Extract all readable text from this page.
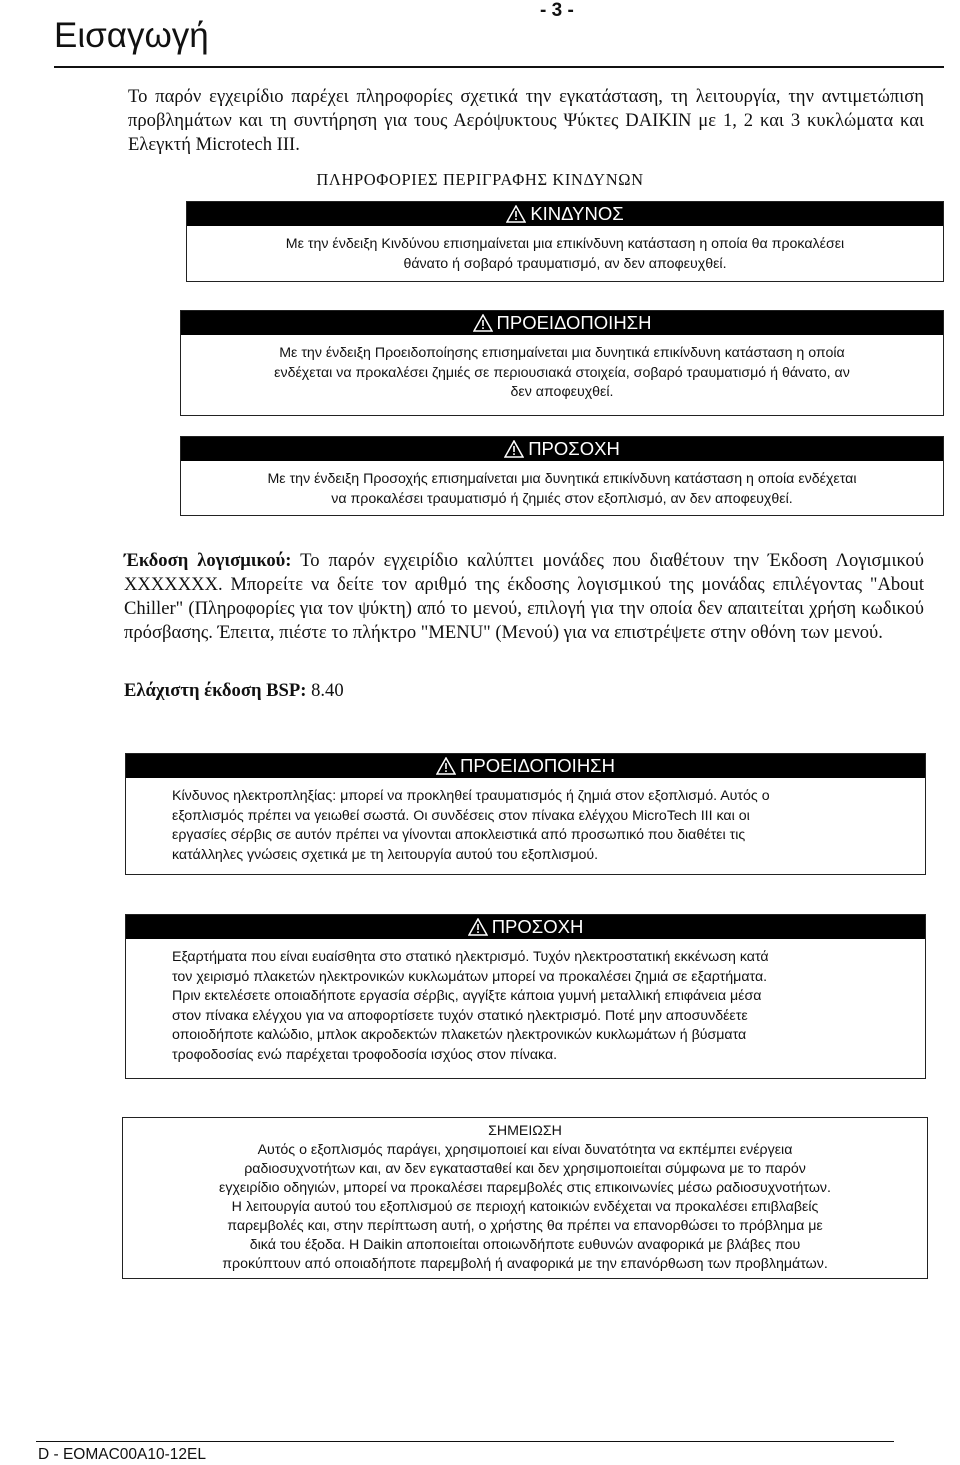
- 3 -
Εισαγωγή
Το παρόν εγχειρίδιο παρέχει πληροφορίες σχετικά την εγκατάσταση, τη λειτουργία, την αντιμετώπιση προβλημάτων και τη συντήρηση για τους Αερόψυκτους Ψύκτες DAIKIN με 1, 2 και 3 κυκλώματα και Ελεγκτή Microtech III.
ΠΛΗΡΟΦΟΡΙΕΣ ΠΕΡΙΓΡΑΦΗΣ ΚΙΝΔΥΝΩΝ
ΚΙΝΔΥΝΟΣ
Με την ένδειξη Κινδύνου επισημαίνεται μια επικίνδυνη κατάσταση η οποία θα προκαλέσει
θάνατο ή σοβαρό τραυματισμό, αν δεν αποφευχθεί.
ΠΡΟΕΙΔΟΠΟΙΗΣΗ
Με την ένδειξη Προειδοποίησης επισημαίνεται μια δυνητικά επικίνδυνη κατάσταση η οποία
ενδέχεται να προκαλέσει ζημιές σε περιουσιακά στοιχεία, σοβαρό τραυματισμό ή θάνατο, αν
δεν αποφευχθεί.
ΠΡΟΣΟΧΗ
Με την ένδειξη Προσοχής επισημαίνεται μια δυνητικά επικίνδυνη κατάσταση η οποία ενδέχεται
να προκαλέσει τραυματισμό ή ζημιές στον εξοπλισμό, αν δεν αποφευχθεί.
Έκδοση λογισμικού: Το παρόν εγχειρίδιο καλύπτει μονάδες που διαθέτουν την Έκδοση Λογισμικού XXXXXXX. Μπορείτε να δείτε τον αριθμό της έκδοσης λογισμικού της μονάδας επιλέγοντας "About Chiller" (Πληροφορίες για τον ψύκτη) από το μενού, επιλογή για την οποία δεν απαιτείται χρήση κωδικού πρόσβασης. Έπειτα, πιέστε το πλήκτρο "MENU" (Μενού) για να επιστρέψετε στην οθόνη των μενού.
Ελάχιστη έκδοση BSP: 8.40
ΠΡΟΕΙΔΟΠΟΙΗΣΗ
Κίνδυνος ηλεκτροπληξίας: μπορεί να προκληθεί τραυματισμός ή ζημιά στον εξοπλισμό. Αυτός ο
εξοπλισμός πρέπει να γειωθεί σωστά. Οι συνδέσεις στον πίνακα ελέγχου MicroTech III και οι
εργασίες σέρβις σε αυτόν πρέπει να γίνονται αποκλειστικά από προσωπικό που διαθέτει τις
κατάλληλες γνώσεις σχετικά με τη λειτουργία αυτού του εξοπλισμού.
ΠΡΟΣΟΧΗ
Εξαρτήματα που είναι ευαίσθητα στο στατικό ηλεκτρισμό. Τυχόν ηλεκτροστατική εκκένωση κατά
τον χειρισμό πλακετών ηλεκτρονικών κυκλωμάτων μπορεί να προκαλέσει ζημιά σε εξαρτήματα.
Πριν εκτελέσετε οποιαδήποτε εργασία σέρβις, αγγίξτε κάποια γυμνή μεταλλική επιφάνεια μέσα
στον πίνακα ελέγχου για να αποφορτίσετε τυχόν στατικό ηλεκτρισμό. Ποτέ μην αποσυνδέετε
οποιοδήποτε καλώδιο, μπλοκ ακροδεκτών πλακετών ηλεκτρονικών κυκλωμάτων ή βύσματα
τροφοδοσίας ενώ παρέχεται τροφοδοσία ισχύος στον πίνακα.
ΣΗΜΕΙΩΣΗ
Αυτός ο εξοπλισμός παράγει, χρησιμοποιεί και είναι δυνατότητα να εκπέμπει ενέργεια
ραδιοσυχνοτήτων και, αν δεν εγκατασταθεί και δεν χρησιμοποιείται σύμφωνα με το παρόν
εγχειρίδιο οδηγιών, μπορεί να προκαλέσει παρεμβολές στις επικοινωνίες μέσω ραδιοσυχνοτήτων.
Η λειτουργία αυτού του εξοπλισμού σε περιοχή κατοικιών ενδέχεται να προκαλέσει επιβλαβείς
παρεμβολές και, στην περίπτωση αυτή, ο χρήστης θα πρέπει να επανορθώσει το πρόβλημα με
δικά του έξοδα. Η Daikin αποποιείται οποιωνδήποτε ευθυνών αναφορικά με βλάβες που
προκύπτουν από οποιαδήποτε παρεμβολή ή αναφορικά με την επανόρθωση των προβλημάτων.
D - EOMAC00A10-12EL
